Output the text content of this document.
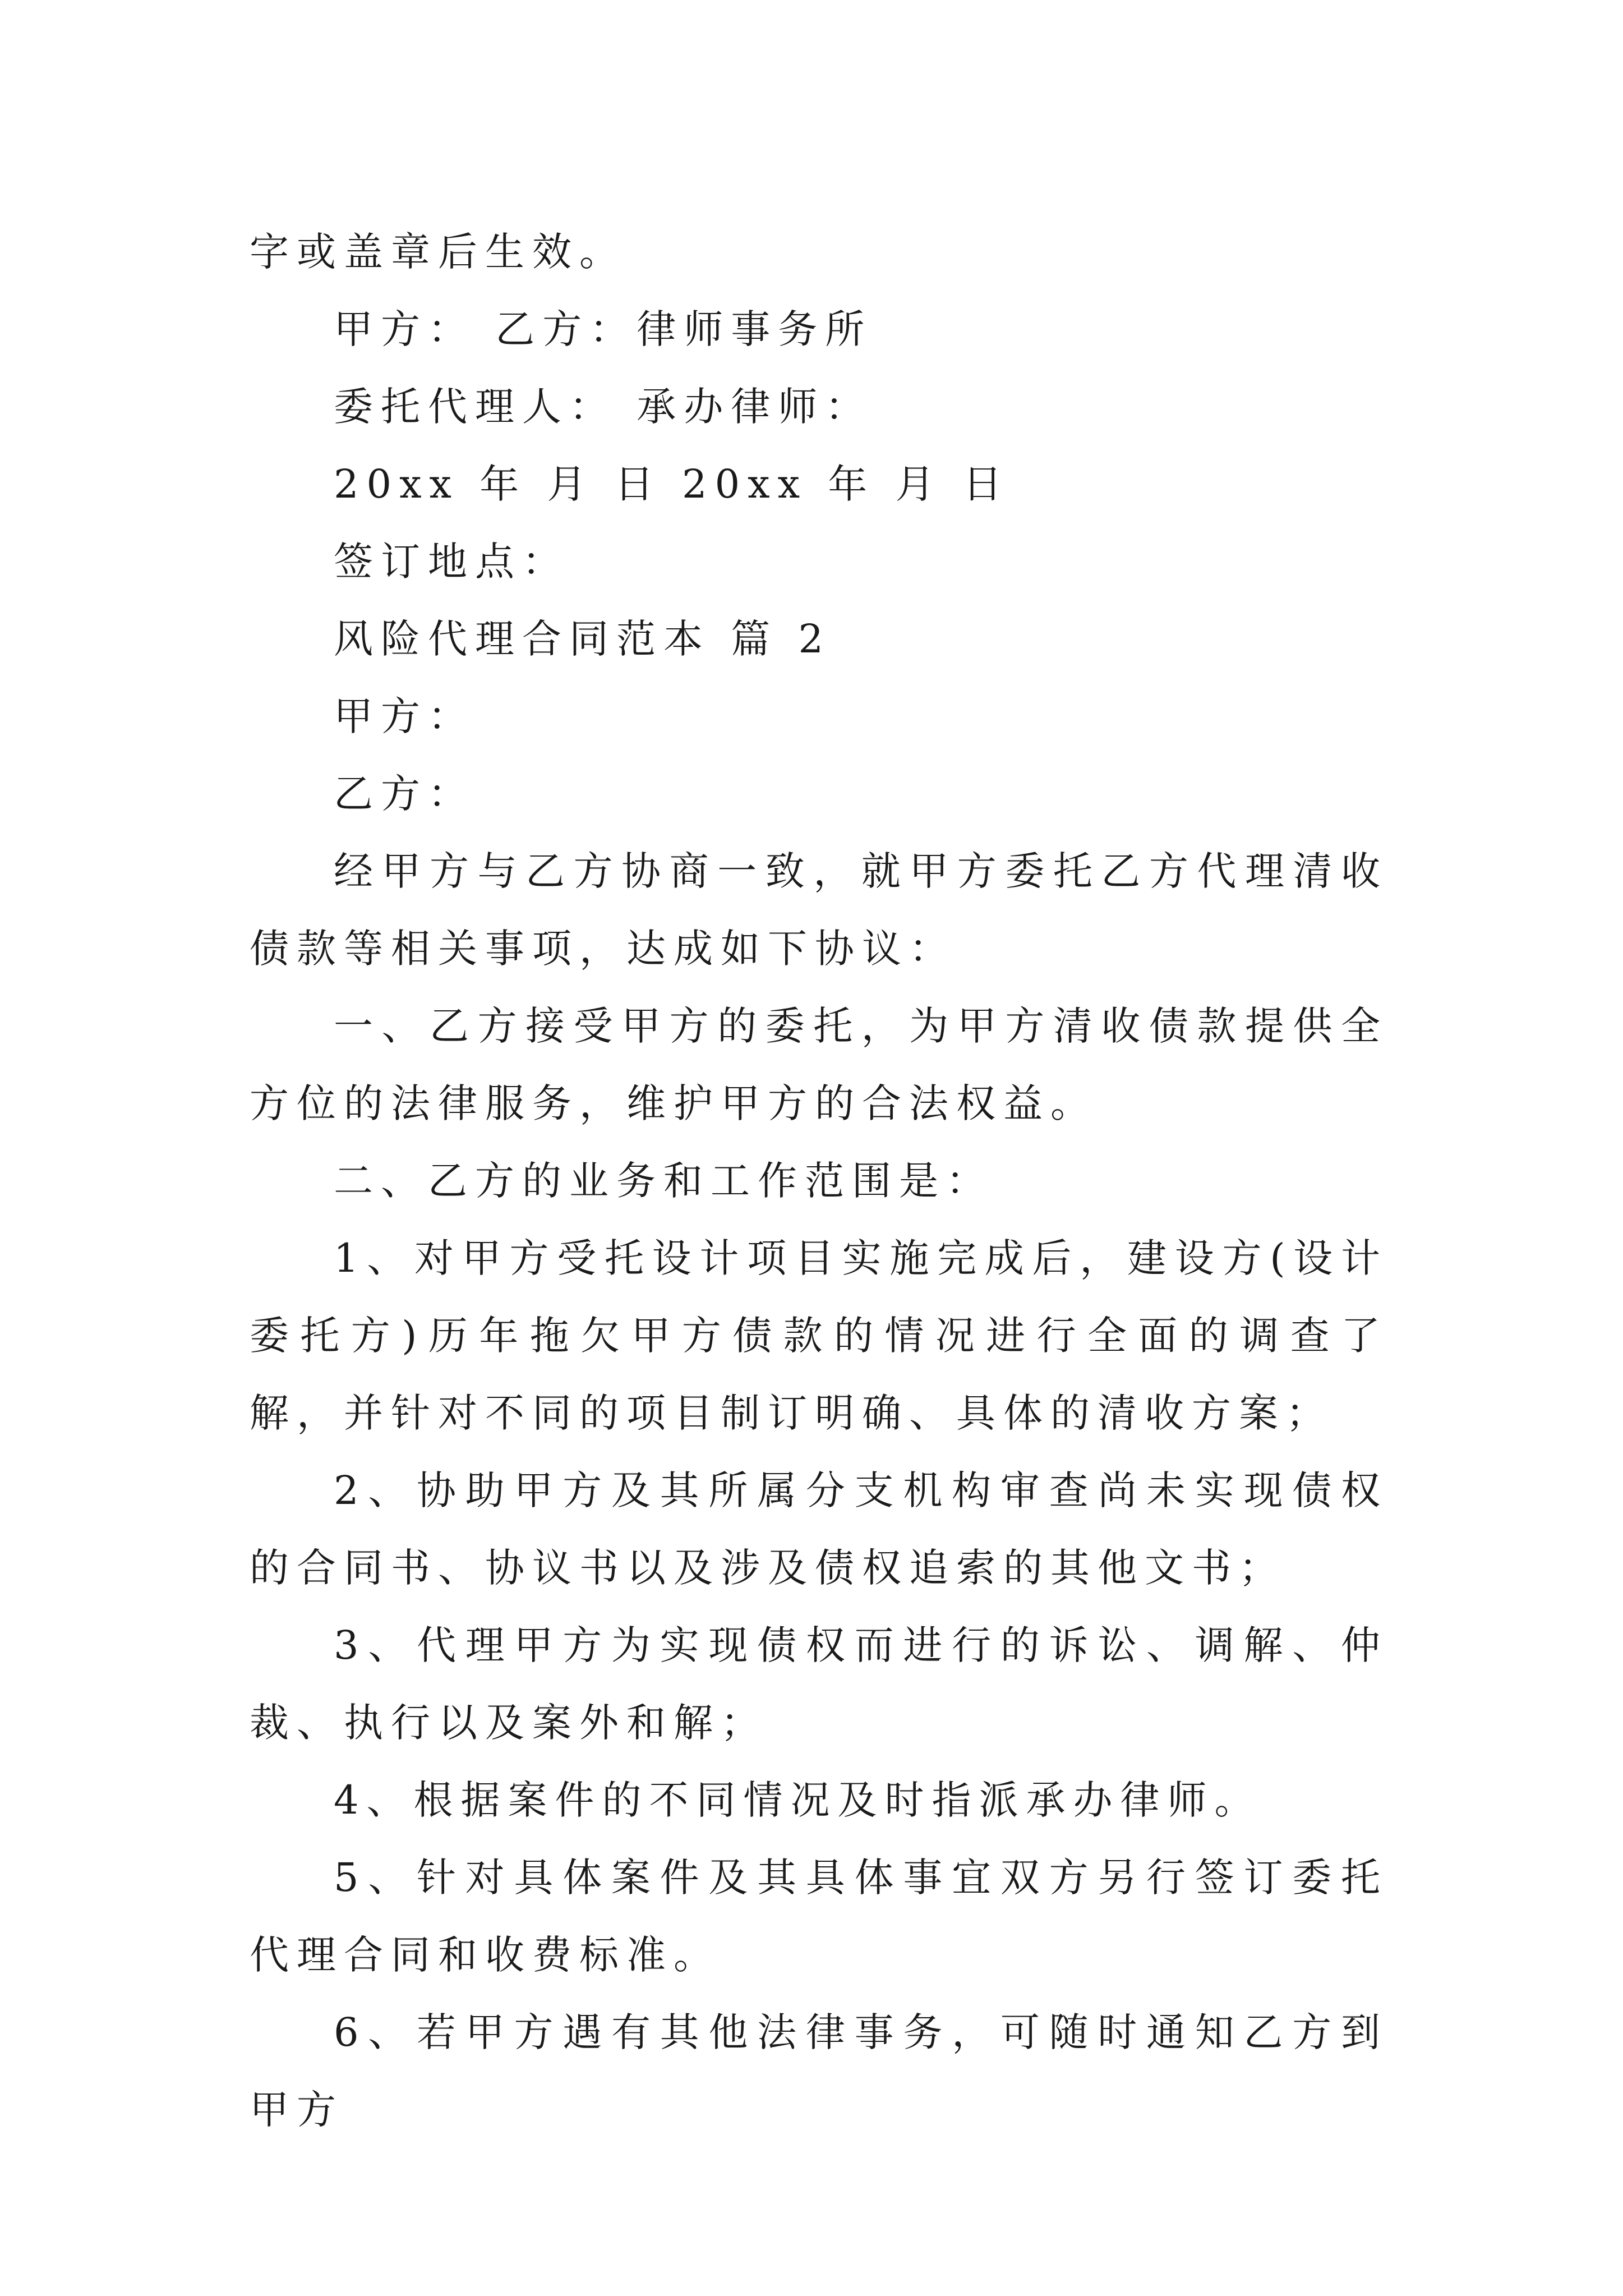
字或盖章后生效。

甲方： 乙方：律师事务所

委托代理人： 承办律师：

20xx 年 月 日 20xx 年 月 日

签订地点：

风险代理合同范本 篇 2

甲方：

乙方：

经甲方与乙方协商一致，就甲方委托乙方代理清收债款等相关事项，达成如下协议：

一、乙方接受甲方的委托，为甲方清收债款提供全方位的法律服务，维护甲方的合法权益。

二、乙方的业务和工作范围是：

1、对甲方受托设计项目实施完成后，建设方(设计委托方)历年拖欠甲方债款的情况进行全面的调查了解，并针对不同的项目制订明确、具体的清收方案；

2、协助甲方及其所属分支机构审查尚未实现债权的合同书、协议书以及涉及债权追索的其他文书；

3、代理甲方为实现债权而进行的诉讼、调解、仲裁、执行以及案外和解；

4、根据案件的不同情况及时指派承办律师。

5、针对具体案件及其具体事宜双方另行签订委托代理合同和收费标准。

6、若甲方遇有其他法律事务，可随时通知乙方到甲方
